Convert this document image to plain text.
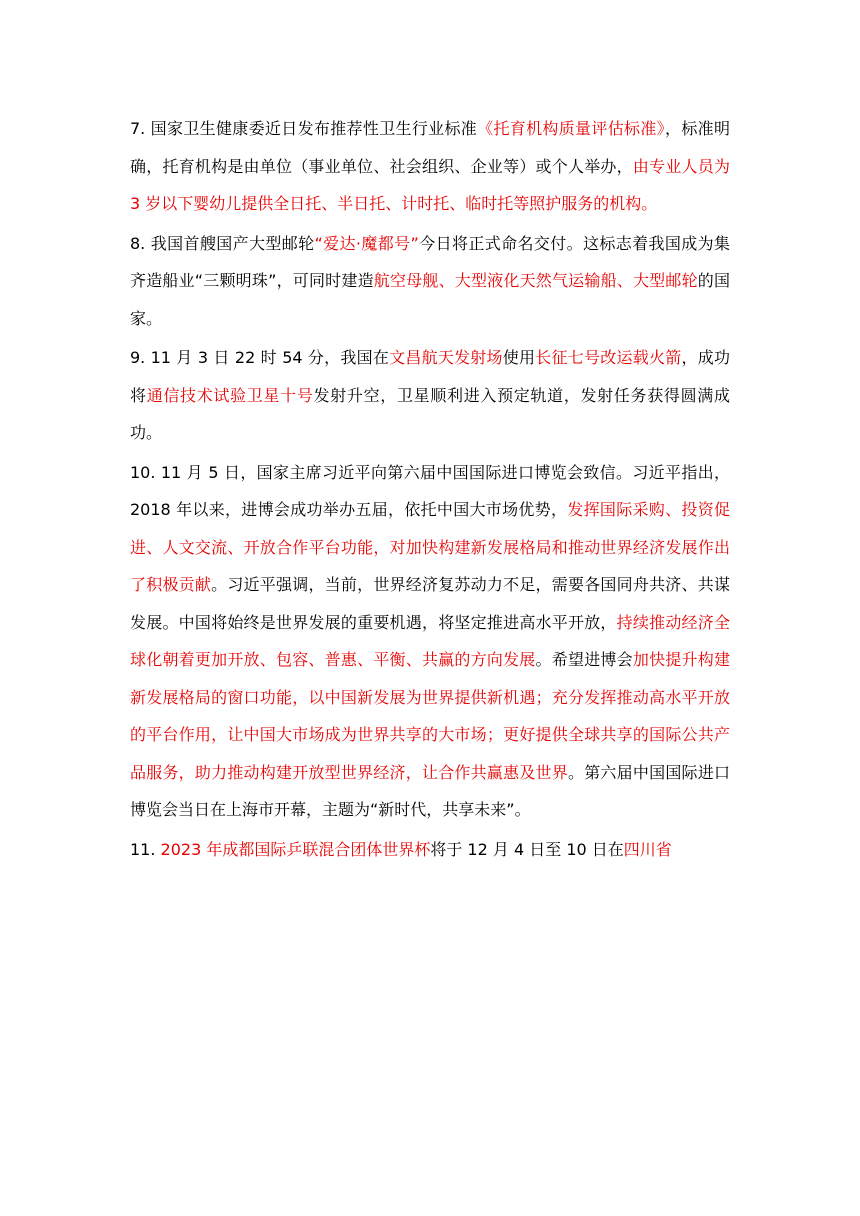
7. 国家卫生健康委近日发布推荐性卫生行业标准《托育机构质量评估标准》，标准明确，托育机构是由单位（事业单位、社会组织、企业等）或个人举办，由专业人员为 3 岁以下婴幼儿提供全日托、半日托、计时托、临时托等照护服务的机构。

8. 我国首艘国产大型邮轮“爱达·魔都号”今日将正式命名交付。这标志着我国成为集齐造船业“三颗明珠”，可同时建造航空母舰、大型液化天然气运输船、大型邮轮的国家。

9. 11 月 3 日 22 时 54 分，我国在文昌航天发射场使用长征七号改运载火箭，成功将通信技术试验卫星十号发射升空，卫星顺利进入预定轨道，发射任务获得圆满成功。

10. 11 月 5 日，国家主席习近平向第六届中国国际进口博览会致信。习近平指出，2018 年以来，进博会成功举办五届，依托中国大市场优势，发挥国际采购、投资促进、人文交流、开放合作平台功能，对加快构建新发展格局和推动世界经济发展作出了积极贡献。习近平强调，当前，世界经济复苏动力不足，需要各国同舟共济、共谋发展。中国将始终是世界发展的重要机遇，将坚定推进高水平开放，持续推动经济全球化朝着更加开放、包容、普惠、平衡、共赢的方向发展。希望进博会加快提升构建新发展格局的窗口功能，以中国新发展为世界提供新机遇；充分发挥推动高水平开放的平台作用，让中国大市场成为世界共享的大市场；更好提供全球共享的国际公共产品服务，助力推动构建开放型世界经济，让合作共赢惠及世界。第六届中国国际进口博览会当日在上海市开幕，主题为“新时代，共享未来”。

11. 2023 年成都国际乒联混合团体世界杯将于 12 月 4 日至 10 日在四川省
